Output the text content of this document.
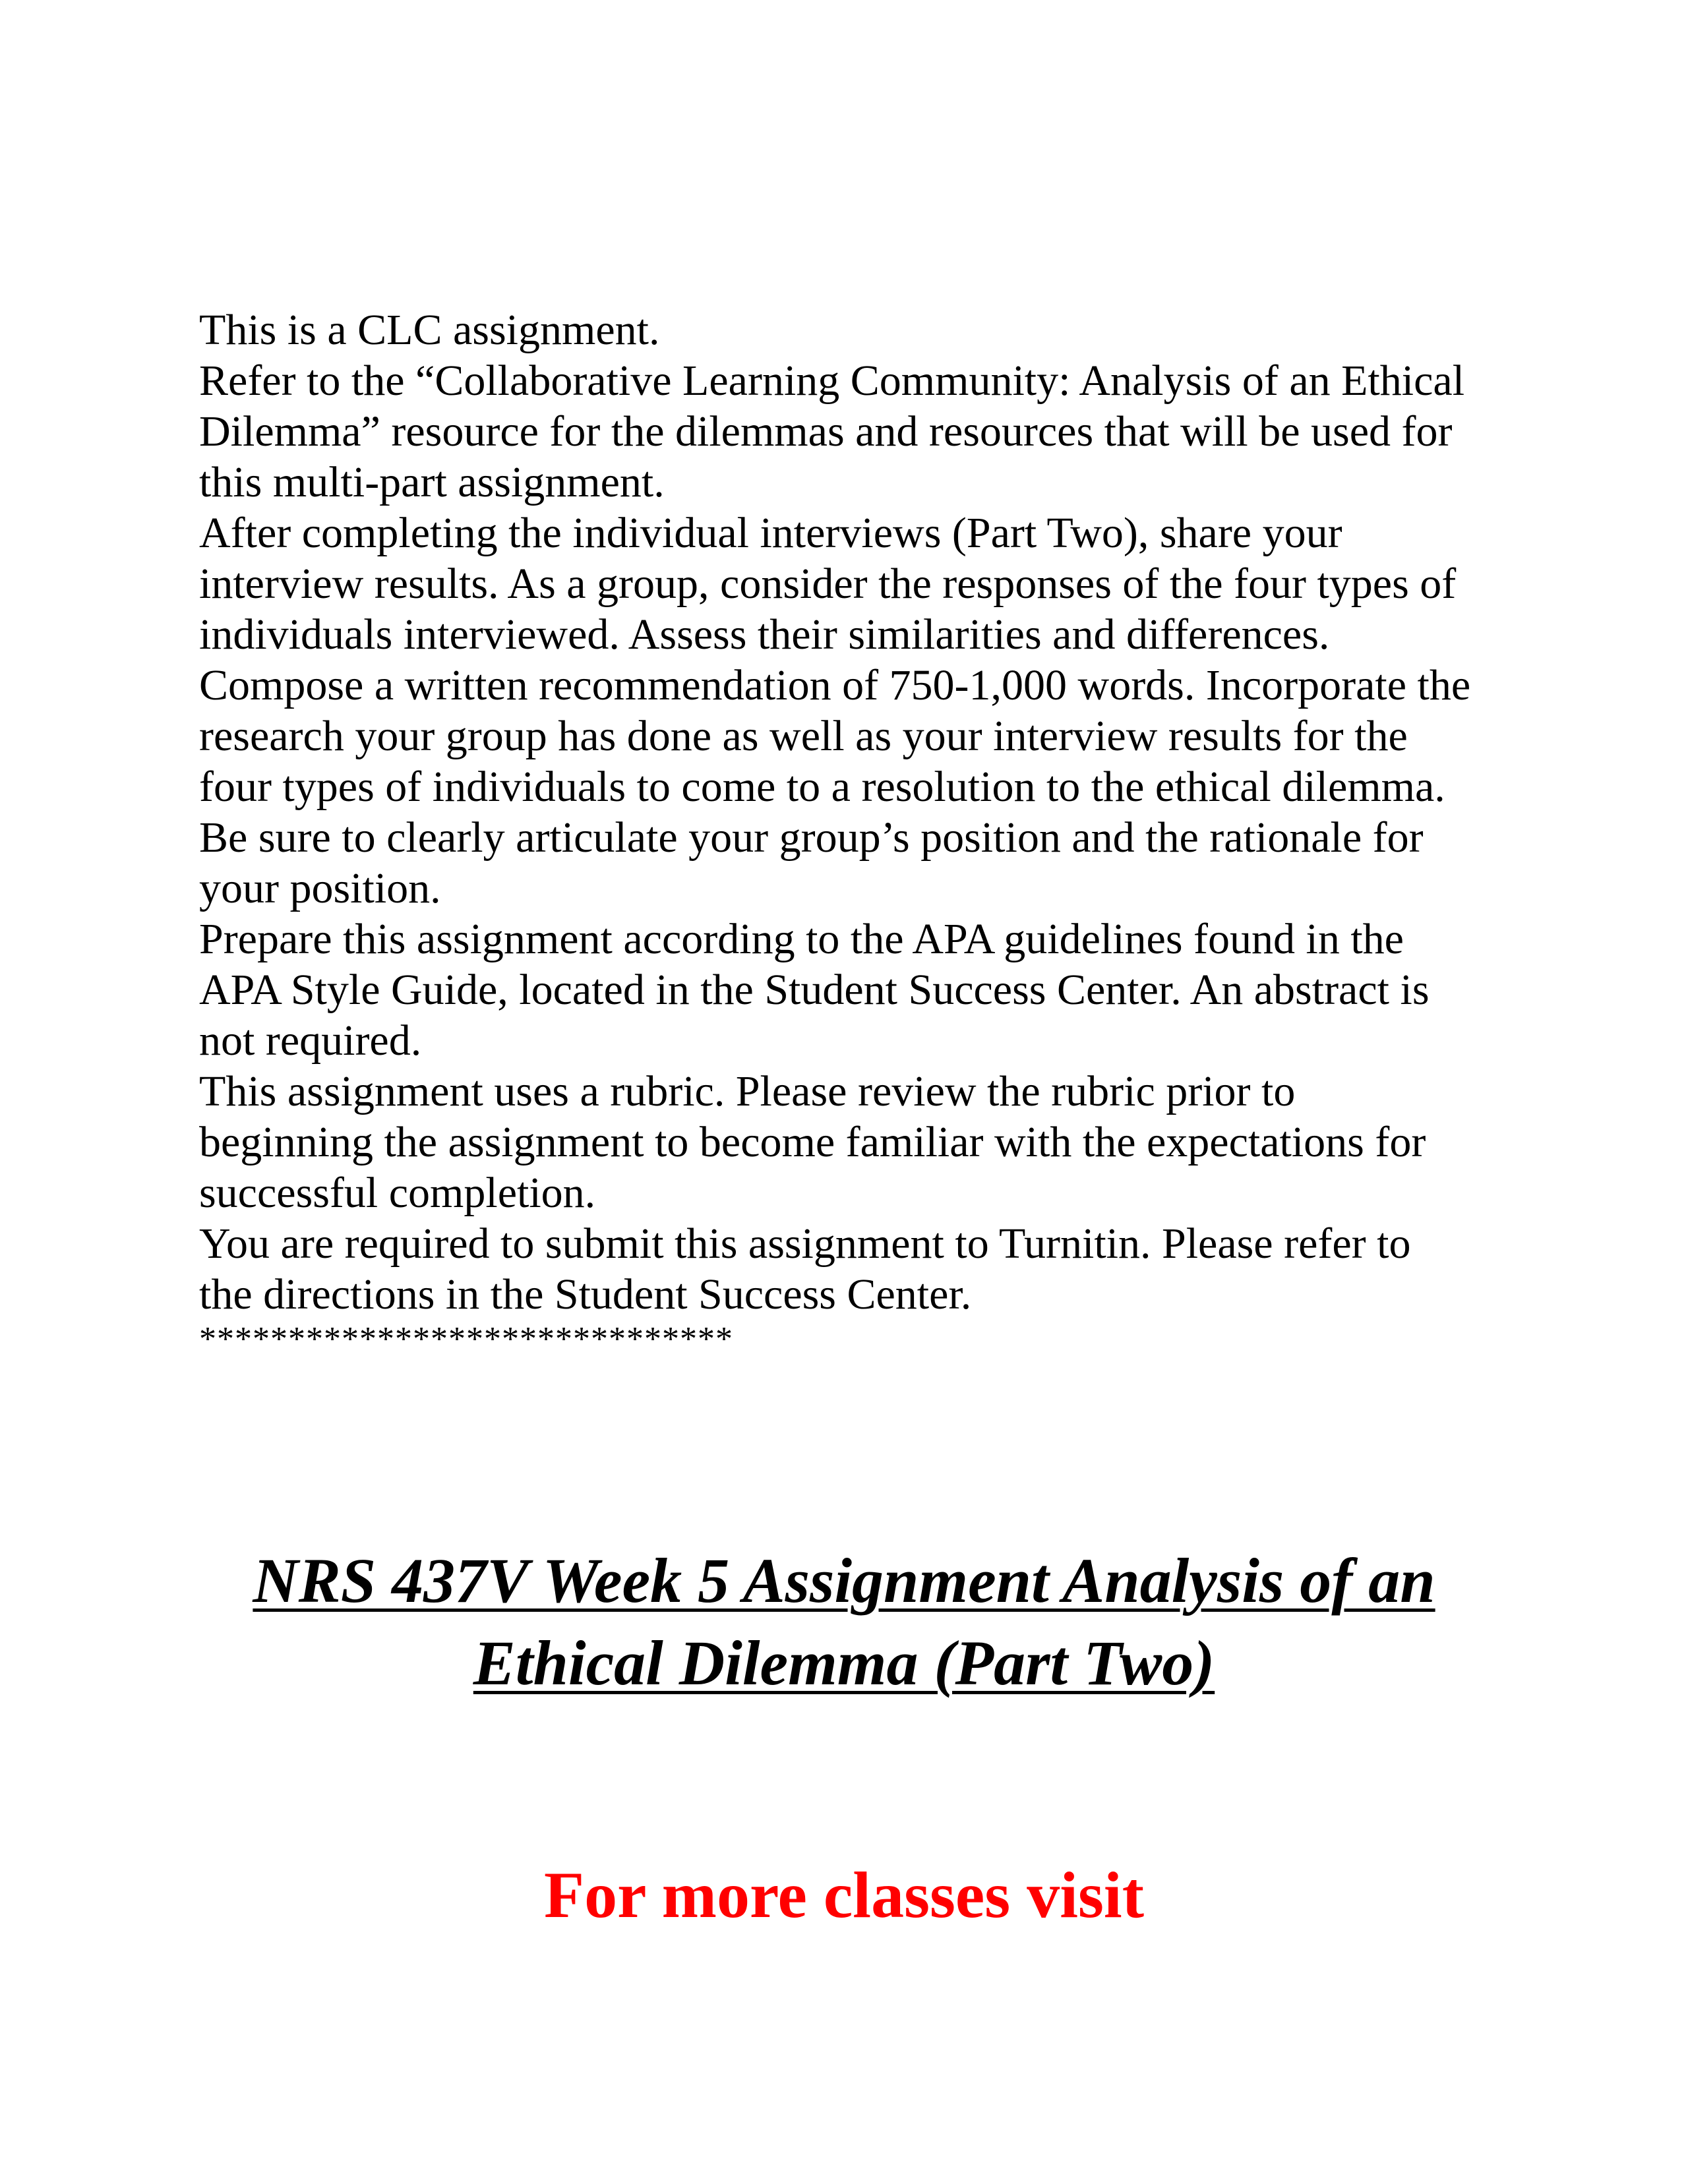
This is a CLC assignment.
Refer to the “Collaborative Learning Community: Analysis of an Ethical
Dilemma” resource for the dilemmas and resources that will be used for
this multi-part assignment.
After completing the individual interviews (Part Two), share your
interview results. As a group, consider the responses of the four types of
individuals interviewed. Assess their similarities and differences.
Compose a written recommendation of 750-1,000 words. Incorporate the
research your group has done as well as your interview results for the
four types of individuals to come to a resolution to the ethical dilemma.
Be sure to clearly articulate your group’s position and the rationale for
your position.
Prepare this assignment according to the APA guidelines found in the
APA Style Guide, located in the Student Success Center. An abstract is
not required.
This assignment uses a rubric. Please review the rubric prior to
beginning the assignment to become familiar with the expectations for
successful completion.
You are required to submit this assignment to Turnitin. Please refer to
the directions in the Student Success Center.
******************************
NRS 437V Week 5 Assignment Analysis of an
Ethical Dilemma (Part Two)
For more classes visit
